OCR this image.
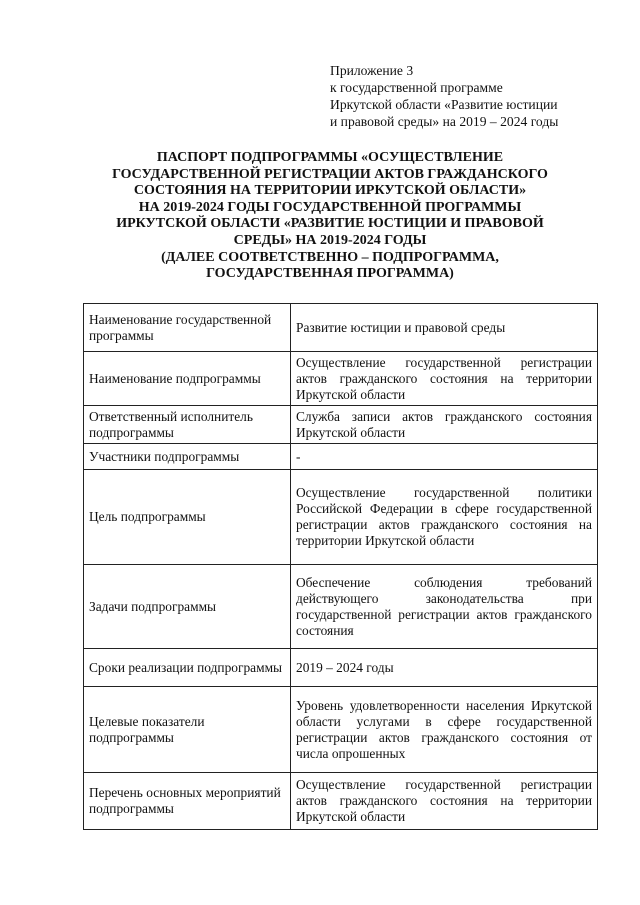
Приложение 3
к государственной программе
Иркутской области «Развитие юстиции
и правовой среды» на 2019 – 2024 годы
ПАСПОРТ ПОДПРОГРАММЫ «ОСУЩЕСТВЛЕНИЕ
ГОСУДАРСТВЕННОЙ РЕГИСТРАЦИИ АКТОВ ГРАЖДАНСКОГО
СОСТОЯНИЯ НА ТЕРРИТОРИИ ИРКУТСКОЙ ОБЛАСТИ»
НА 2019-2024 ГОДЫ ГОСУДАРСТВЕННОЙ ПРОГРАММЫ
ИРКУТСКОЙ ОБЛАСТИ «РАЗВИТИЕ ЮСТИЦИИ И ПРАВОВОЙ
СРЕДЫ» НА 2019-2024 ГОДЫ
(ДАЛЕЕ СООТВЕТСТВЕННО – ПОДПРОГРАММА,
ГОСУДАРСТВЕННАЯ ПРОГРАММА)
Наименование государственной программы	Развитие юстиции и правовой среды
Наименование подпрограммы	Осуществление государственной регистрации актов гражданского состояния на территории Иркутской области
Ответственный исполнитель подпрограммы	Служба записи актов гражданского состояния Иркутской области
Участники подпрограммы	-
Цель подпрограммы	Осуществление государственной политики Российской Федерации в сфере государственной регистрации актов гражданского состояния на территории Иркутской области
Задачи подпрограммы	Обеспечение соблюдения требований действующего законодательства при государственной регистрации актов гражданского состояния
Сроки реализации подпрограммы	2019 – 2024 годы
Целевые показатели подпрограммы	Уровень удовлетворенности населения Иркутской области услугами в сфере государственной регистрации актов гражданского состояния от числа опрошенных
Перечень основных мероприятий подпрограммы	Осуществление государственной регистрации актов гражданского состояния на территории Иркутской области
